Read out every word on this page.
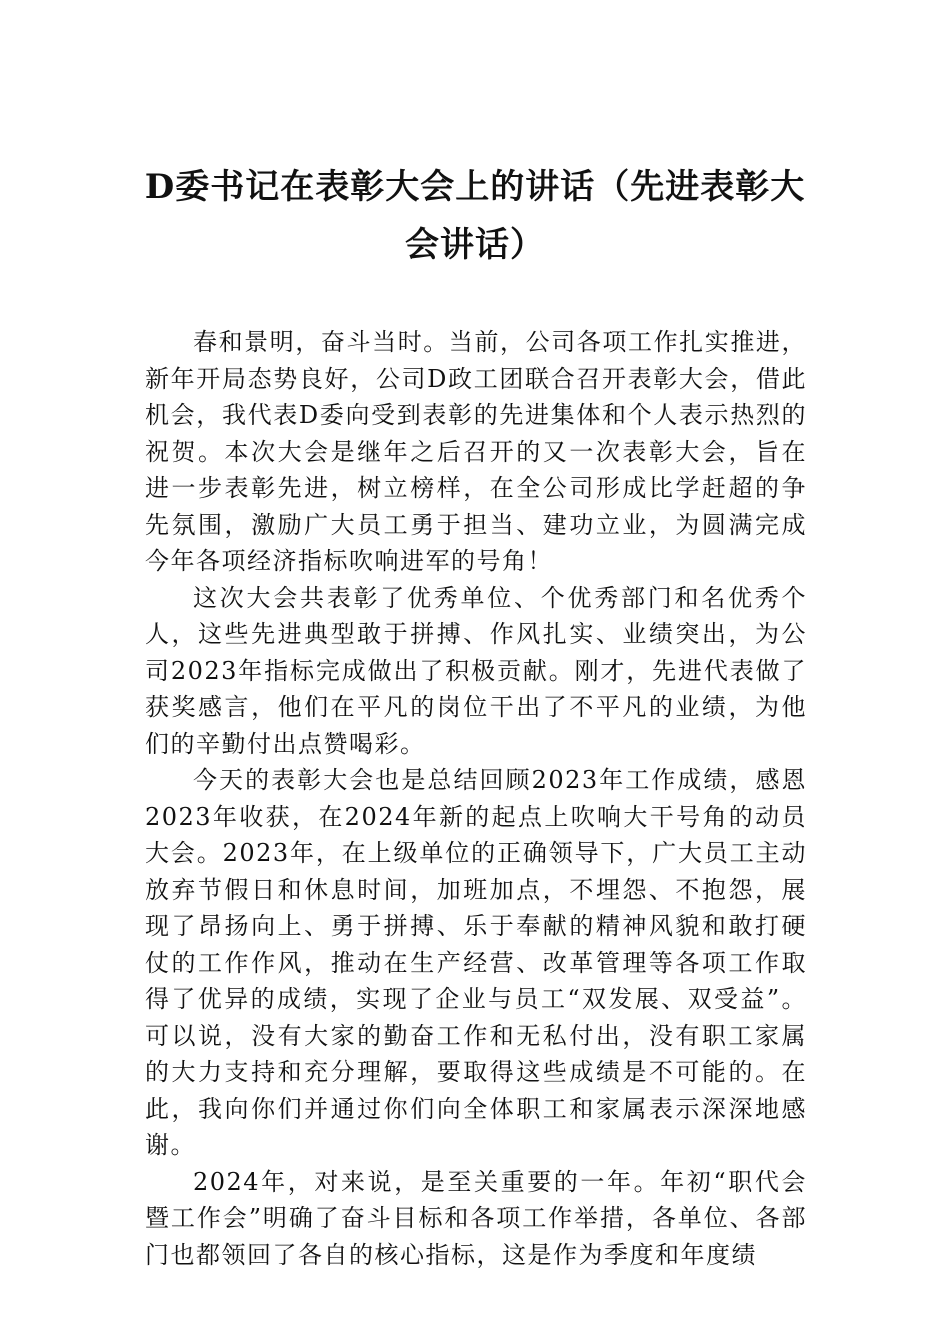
D委书记在表彰大会上的讲话（先进表彰大会讲话）

春和景明，奋斗当时。当前，公司各项工作扎实推进，新年开局态势良好，公司D政工团联合召开表彰大会，借此机会，我代表D委向受到表彰的先进集体和个人表示热烈的祝贺。本次大会是继年之后召开的又一次表彰大会，旨在进一步表彰先进，树立榜样，在全公司形成比学赶超的争先氛围，激励广大员工勇于担当、建功立业，为圆满完成今年各项经济指标吹响进军的号角！

这次大会共表彰了优秀单位、个优秀部门和名优秀个人，这些先进典型敢于拼搏、作风扎实、业绩突出，为公司2023年指标完成做出了积极贡献。刚才，先进代表做了获奖感言，他们在平凡的岗位干出了不平凡的业绩，为他们的辛勤付出点赞喝彩。

今天的表彰大会也是总结回顾2023年工作成绩，感恩2023年收获，在2024年新的起点上吹响大干号角的动员大会。2023年，在上级单位的正确领导下，广大员工主动放弃节假日和休息时间，加班加点，不埋怨、不抱怨，展现了昂扬向上、勇于拼搏、乐于奉献的精神风貌和敢打硬仗的工作作风，推动在生产经营、改革管理等各项工作取得了优异的成绩，实现了企业与员工“双发展、双受益”。可以说，没有大家的勤奋工作和无私付出，没有职工家属的大力支持和充分理解，要取得这些成绩是不可能的。在此，我向你们并通过你们向全体职工和家属表示深深地感谢。

2024年，对来说，是至关重要的一年。年初“职代会暨工作会”明确了奋斗目标和各项工作举措，各单位、各部门也都领回了各自的核心指标，这是作为季度和年度绩
